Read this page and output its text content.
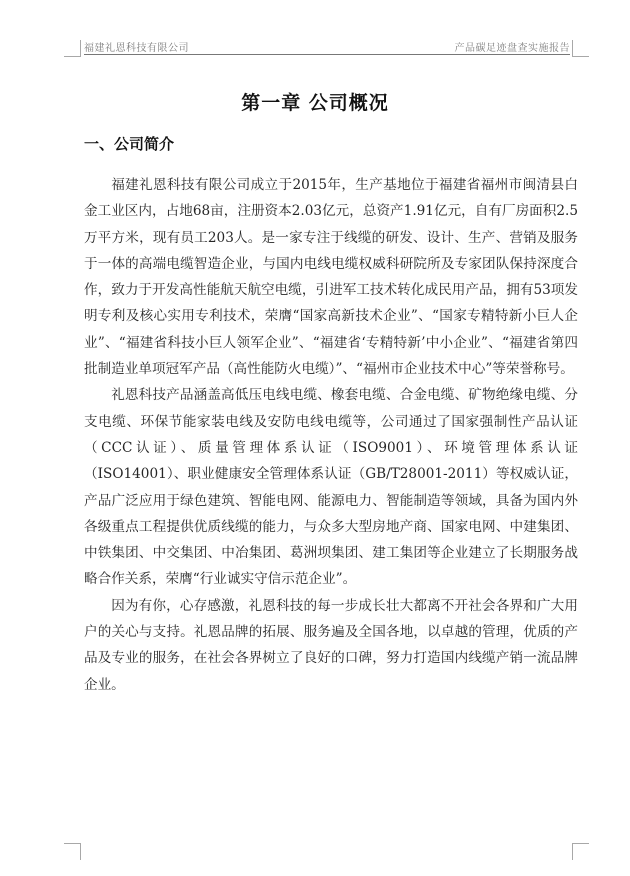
福建礼恩科技有限公司	产品碳足迹盘查实施报告
第一章 公司概况
一、公司简介

福建礼恩科技有限公司成立于2015年，生产基地位于福建省福州市闽清县白金工业区内，占地68亩，注册资本2.03亿元，总资产1.91亿元，自有厂房面积2.5万平方米，现有员工203人。是一家专注于线缆的研发、设计、生产、营销及服务于一体的高端电缆智造企业，与国内电线电缆权威科研院所及专家团队保持深度合作，致力于开发高性能航天航空电缆，引进军工技术转化成民用产品，拥有53项发明专利及核心实用专利技术，荣膺“国家高新技术企业”、“国家专精特新小巨人企业”、“福建省科技小巨人领军企业”、“福建省‘专精特新’中小企业”、“福建省第四批制造业单项冠军产品（高性能防火电缆）”、“福州市企业技术中心”等荣誉称号。

礼恩科技产品涵盖高低压电线电缆、橡套电缆、合金电缆、矿物绝缘电缆、分支电缆、环保节能家装电线及安防电线电缆等，公司通过了国家强制性产品认证（CCC认证）、质量管理体系认证（ISO9001）、环境管理体系认证（ISO14001）、职业健康安全管理体系认证（GB/T28001-2011）等权威认证，产品广泛应用于绿色建筑、智能电网、能源电力、智能制造等领域，具备为国内外各级重点工程提供优质线缆的能力，与众多大型房地产商、国家电网、中建集团、中铁集团、中交集团、中冶集团、葛洲坝集团、建工集团等企业建立了长期服务战略合作关系，荣膺“行业诚实守信示范企业”。

因为有你，心存感激，礼恩科技的每一步成长壮大都离不开社会各界和广大用户的关心与支持。礼恩品牌的拓展、服务遍及全国各地，以卓越的管理，优质的产品及专业的服务，在社会各界树立了良好的口碑，努力打造国内线缆产销一流品牌企业。
